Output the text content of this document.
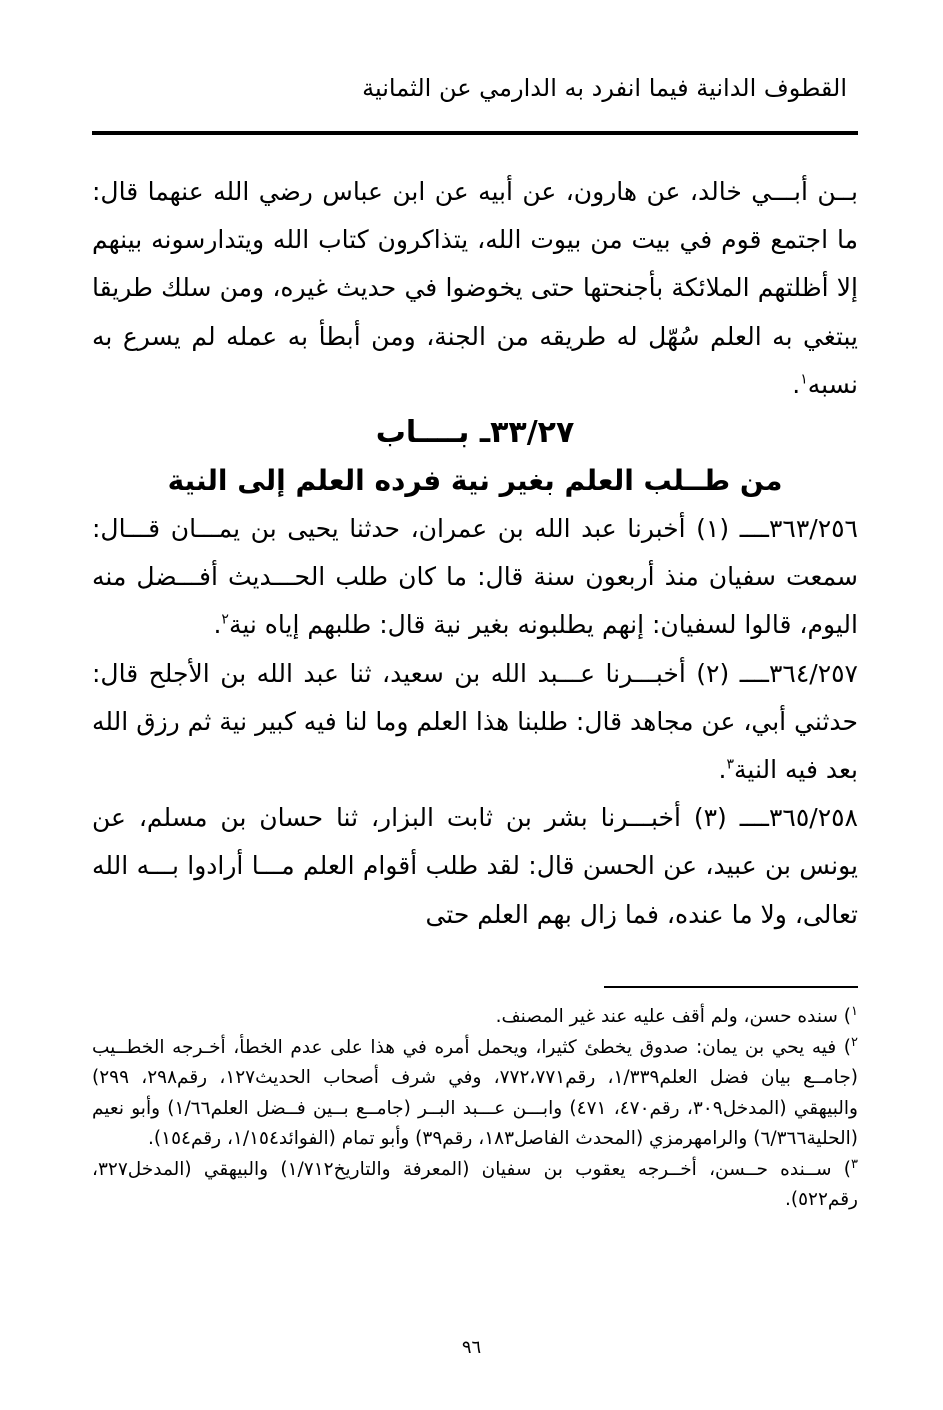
القطوف الدانية فيما انفرد به الدارمي عن الثمانية

بــن أبـــي خالد، عن هارون، عن أبيه عن ابن عباس رضي الله عنهما قال: ما اجتمع قوم في بيت من بيوت الله، يتذاكرون كتاب الله ويتدارسونه بينهم إلا أظلتهم الملائكة بأجنحتها حتى يخوضوا في حديث غيره، ومن سلك طريقا يبتغي به العلم سُهّل له طريقه من الجنة، ومن أبطأ به عمله لم يسرع به نسبه$^١$.

٣٣/٢٧ـ بــــاب

من طــلب العلم بغير نية فرده العلم إلى النية

٣٦٣/٢٥٦ــــ (١) أخبرنا عبد الله بن عمران، حدثنا يحيى بن يمـــان قـــال: سمعت سفيان منذ أربعون سنة قال: ما كان طلب الحـــديث أفـــضل منه اليوم، قالوا لسفيان: إنهم يطلبونه بغير نية قال: طلبهم إياه نية$^٢$.

٣٦٤/٢٥٧ــــ (٢) أخبـــرنا عـــبد الله بن سعيد، ثنا عبد الله بن الأجلح قال: حدثني أبي، عن مجاهد قال: طلبنا هذا العلم وما لنا فيه كبير نية ثم رزق الله بعد فيه النية$^٣$.

٣٦٥/٢٥٨ــــ (٣) أخبـــرنا بشر بن ثابت البزار، ثنا حسان بن مسلم، عن يونس بن عبيد، عن الحسن قال: لقد طلب أقوام العلم مـــا أرادوا بـــه الله تعالى، ولا ما عنده، فما زال بهم العلم حتى

$^١$) سنده حسن، ولم أقف عليه عند غير المصنف.

$^٢$) فيه يحي بن يمان: صدوق يخطئ كثيرا، ويحمل أمره في هذا على عدم الخطأ، أخـرجه الخطــيب (جامــع بيان فضل العلم١/٣٣٩، رقم٧٧٢،٧٧١، وفي شرف أصحاب الحديث١٢٧، رقم٢٩٨، ٢٩٩) والبيهقي (المدخل٣٠٩، رقم٤٧٠، ٤٧١) وابـــن عـــبد البــر (جامــع بــين فــضل العلم١/٦٦) وأبو نعيم (الحلية٦/٣٦٦) والرامهرمزي (المحدث الفاصل١٨٣، رقم٣٩) وأبو تمام (الفوائد١/١٥٤، رقم١٥٤).

$^٣$) ســنده حــسن، أخــرجه يعقوب بن سفيان (المعرفة والتاريخ١/٧١٢) والبيهقي (المدخل٣٢٧، رقم٥٢٢).

٩٦
